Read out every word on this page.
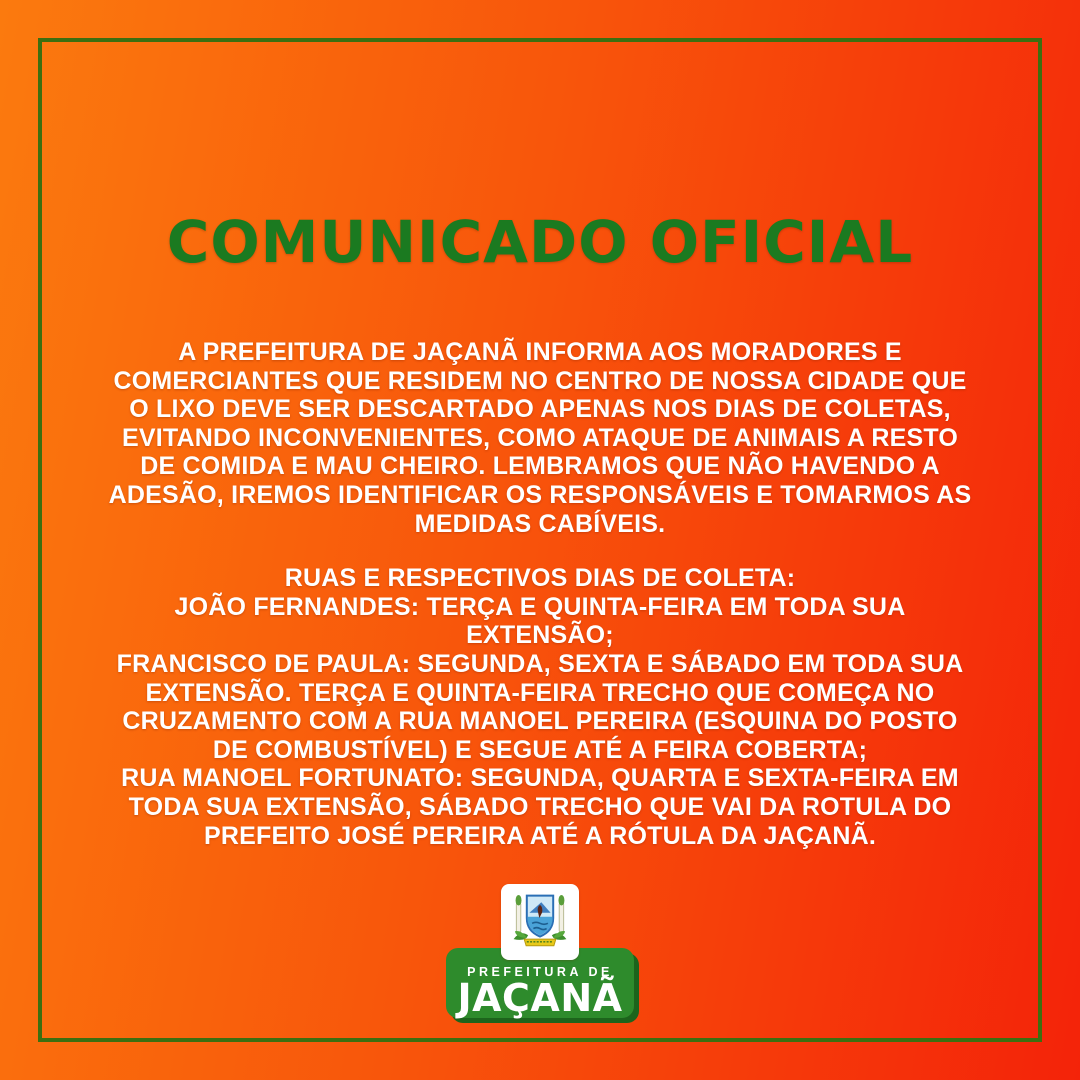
COMUNICADO OFICIAL
A PREFEITURA DE JAÇANÃ INFORMA AOS MORADORES E
COMERCIANTES QUE RESIDEM NO CENTRO DE NOSSA CIDADE QUE
O LIXO DEVE SER DESCARTADO APENAS NOS DIAS DE COLETAS,
EVITANDO INCONVENIENTES, COMO ATAQUE DE ANIMAIS A RESTO
DE COMIDA E MAU CHEIRO. LEMBRAMOS QUE NÃO HAVENDO A
ADESÃO, IREMOS IDENTIFICAR OS RESPONSÁVEIS E TOMARMOS AS
MEDIDAS CABÍVEIS.
RUAS E RESPECTIVOS DIAS DE COLETA:
JOÃO FERNANDES: TERÇA E QUINTA-FEIRA EM TODA SUA
EXTENSÃO;
FRANCISCO DE PAULA: SEGUNDA, SEXTA E SÁBADO EM TODA SUA
EXTENSÃO. TERÇA E QUINTA-FEIRA TRECHO QUE COMEÇA NO
CRUZAMENTO COM A RUA MANOEL PEREIRA (ESQUINA DO POSTO
DE COMBUSTÍVEL) E SEGUE ATÉ A FEIRA COBERTA;
RUA MANOEL FORTUNATO: SEGUNDA, QUARTA E SEXTA-FEIRA EM
TODA SUA EXTENSÃO, SÁBADO TRECHO QUE VAI DA ROTULA DO
PREFEITO JOSÉ PEREIRA ATÉ A RÓTULA DA JAÇANÃ.
PREFEITURA DE
JAÇANÃ
